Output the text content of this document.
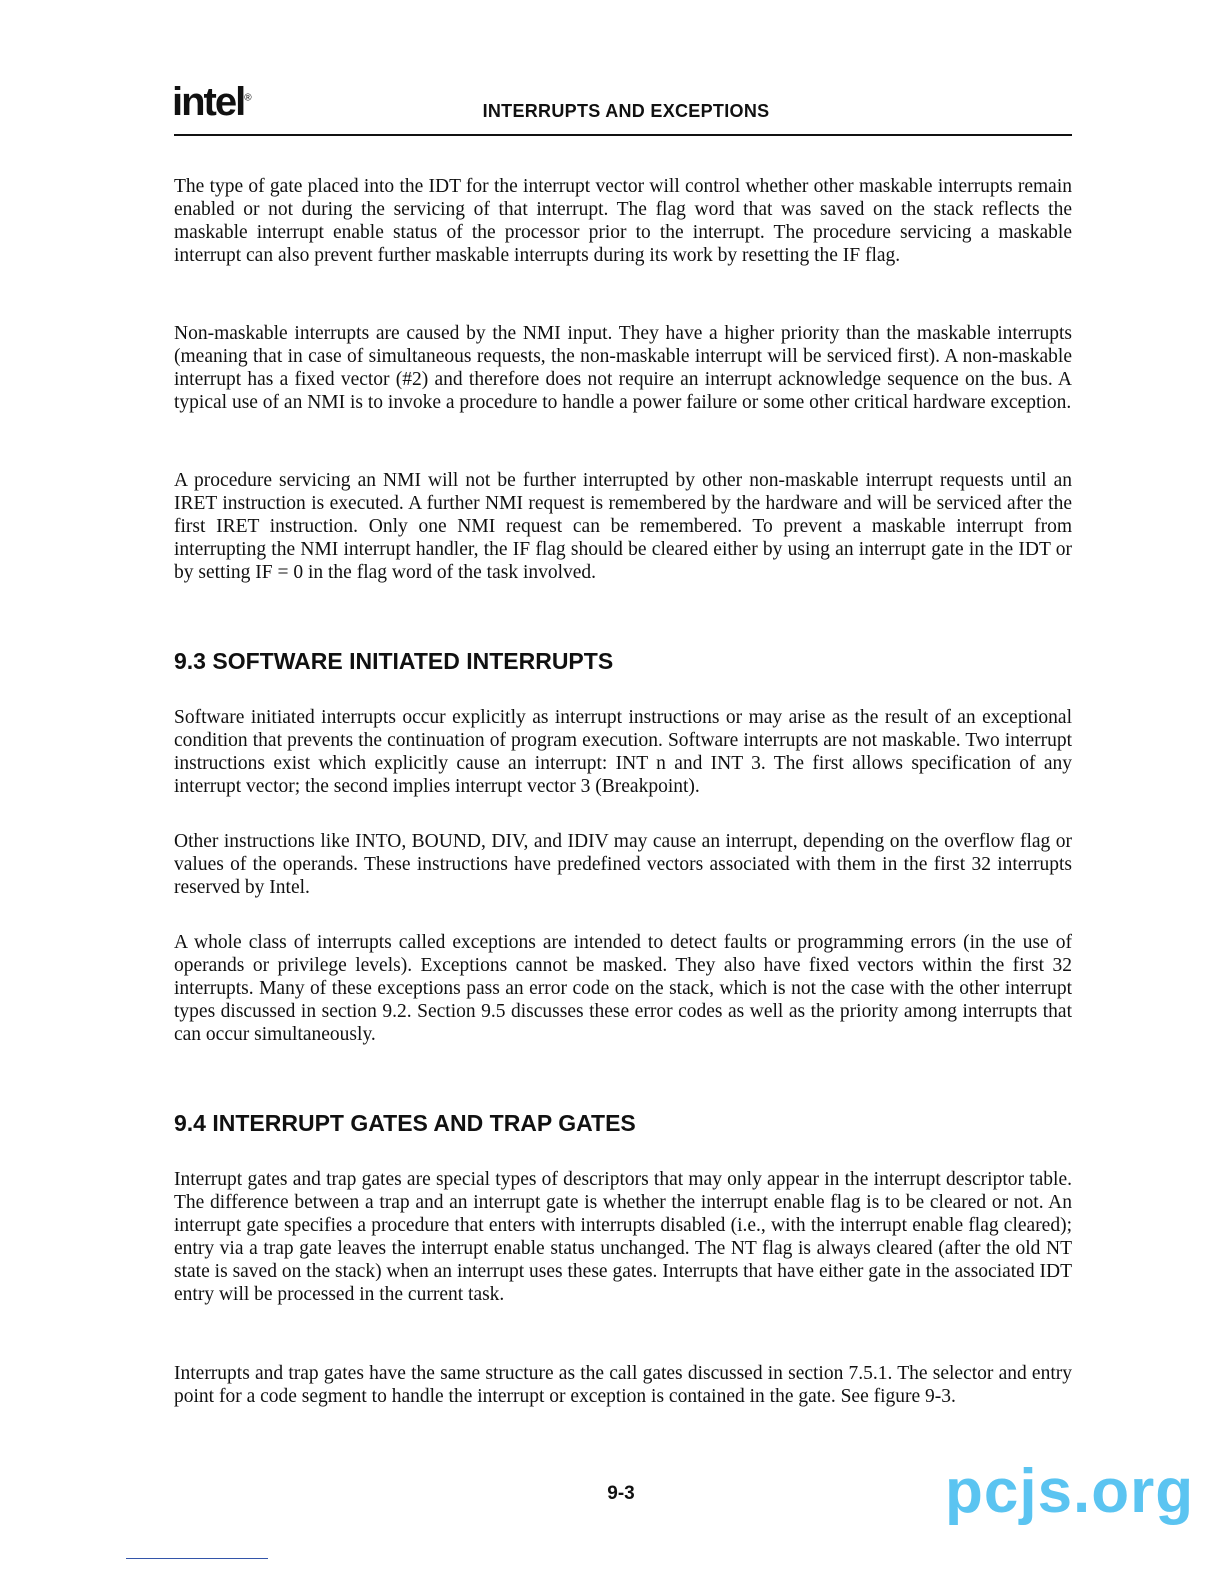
intel®
INTERRUPTS AND EXCEPTIONS

The type of gate placed into the IDT for the interrupt vector will control whether other maskable interrupts remain enabled or not during the servicing of that interrupt. The flag word that was saved on the stack reflects the maskable interrupt enable status of the processor prior to the interrupt. The procedure servicing a maskable interrupt can also prevent further maskable interrupts during its work by resetting the IF flag.

Non-maskable interrupts are caused by the NMI input. They have a higher priority than the maskable interrupts (meaning that in case of simultaneous requests, the non-maskable interrupt will be serviced first). A non-maskable interrupt has a fixed vector (#2) and therefore does not require an interrupt acknowledge sequence on the bus. A typical use of an NMI is to invoke a procedure to handle a power failure or some other critical hardware exception.

A procedure servicing an NMI will not be further interrupted by other non-maskable interrupt requests until an IRET instruction is executed. A further NMI request is remembered by the hardware and will be serviced after the first IRET instruction. Only one NMI request can be remembered. To prevent a maskable interrupt from interrupting the NMI interrupt handler, the IF flag should be cleared either by using an interrupt gate in the IDT or by setting IF = 0 in the flag word of the task involved.

9.3 SOFTWARE INITIATED INTERRUPTS

Software initiated interrupts occur explicitly as interrupt instructions or may arise as the result of an exceptional condition that prevents the continuation of program execution. Software interrupts are not maskable. Two interrupt instructions exist which explicitly cause an interrupt: INT n and INT 3. The first allows specification of any interrupt vector; the second implies interrupt vector 3 (Breakpoint).

Other instructions like INTO, BOUND, DIV, and IDIV may cause an interrupt, depending on the overflow flag or values of the operands. These instructions have predefined vectors associated with them in the first 32 interrupts reserved by Intel.

A whole class of interrupts called exceptions are intended to detect faults or programming errors (in the use of operands or privilege levels). Exceptions cannot be masked. They also have fixed vectors within the first 32 interrupts. Many of these exceptions pass an error code on the stack, which is not the case with the other interrupt types discussed in section 9.2. Section 9.5 discusses these error codes as well as the priority among interrupts that can occur simultaneously.

9.4 INTERRUPT GATES AND TRAP GATES

Interrupt gates and trap gates are special types of descriptors that may only appear in the interrupt descriptor table. The difference between a trap and an interrupt gate is whether the interrupt enable flag is to be cleared or not. An interrupt gate specifies a procedure that enters with interrupts disabled (i.e., with the interrupt enable flag cleared); entry via a trap gate leaves the interrupt enable status unchanged. The NT flag is always cleared (after the old NT state is saved on the stack) when an interrupt uses these gates. Interrupts that have either gate in the associated IDT entry will be processed in the current task.

Interrupts and trap gates have the same structure as the call gates discussed in section 7.5.1. The selector and entry point for a code segment to handle the interrupt or exception is contained in the gate. See figure 9-3.

9-3	pcjs.org
